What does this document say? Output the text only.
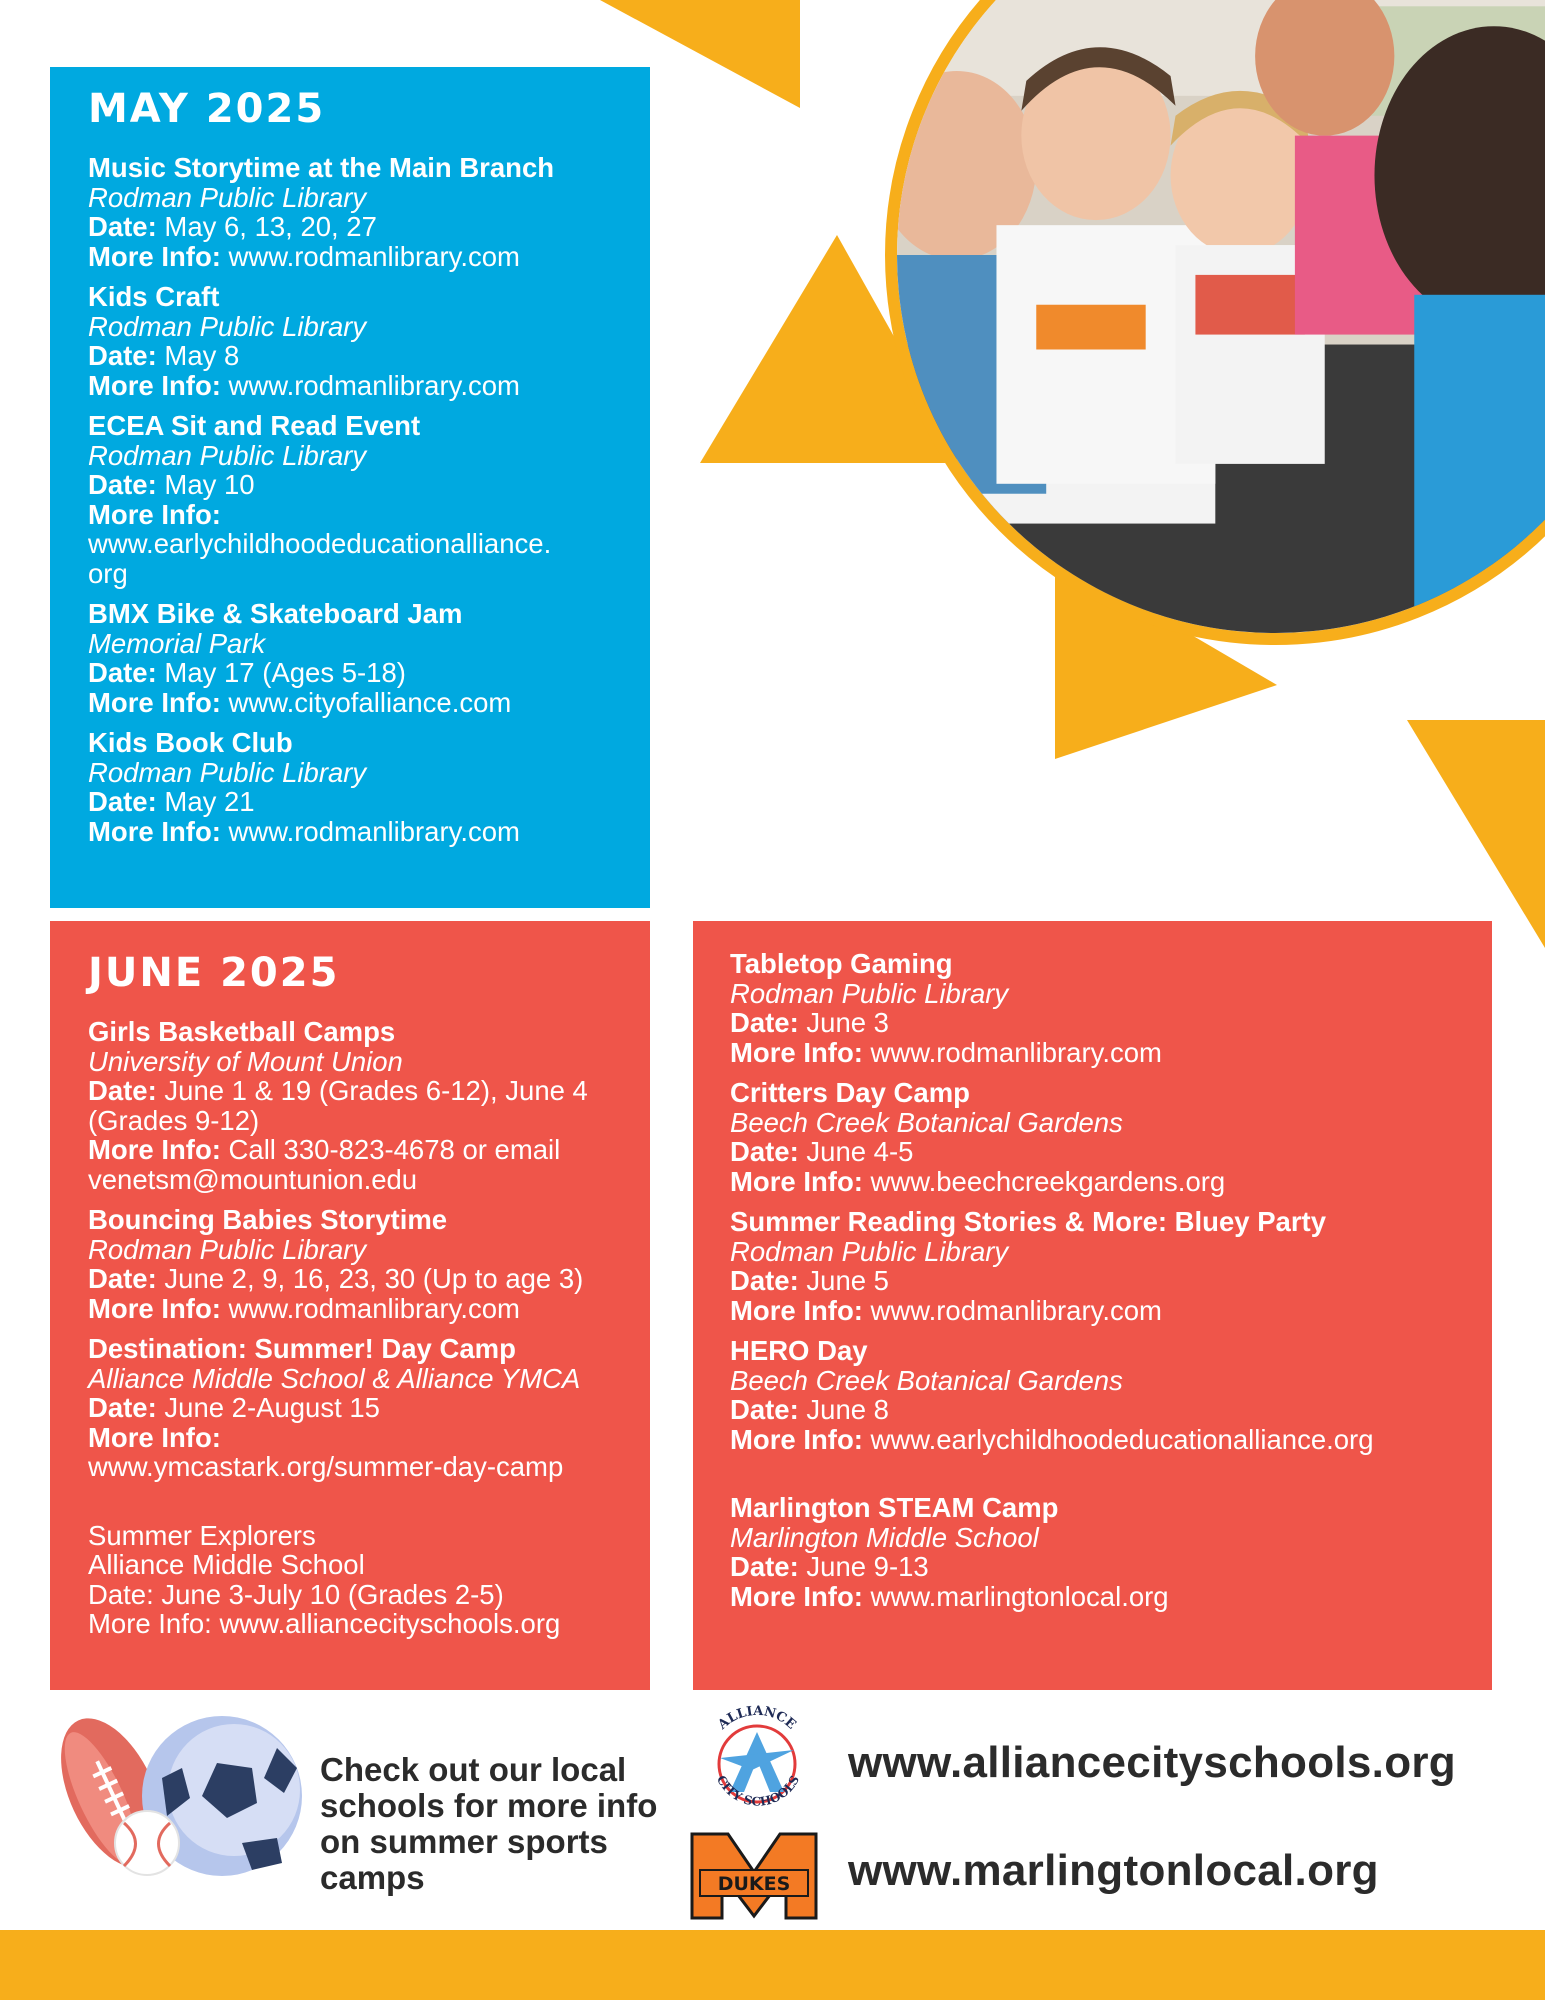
MAY 2025
Music Storytime at the Main Branch
Rodman Public Library
Date: May 6, 13, 20, 27
More Info: www.rodmanlibrary.com
Kids Craft
Rodman Public Library
Date: May 8
More Info: www.rodmanlibrary.com
ECEA Sit and Read Event
Rodman Public Library
Date: May 10
More Info:
www.earlychildhoodeducationalliance.
org
BMX Bike & Skateboard Jam
Memorial Park
Date: May 17 (Ages 5-18)
More Info: www.cityofalliance.com
Kids Book Club
Rodman Public Library
Date: May 21
More Info: www.rodmanlibrary.com
JUNE 2025
Girls Basketball Camps
University of Mount Union
Date: June 1 & 19 (Grades 6-12), June 4
(Grades 9-12)
More Info: Call 330-823-4678 or email
venetsm@mountunion.edu
Bouncing Babies Storytime
Rodman Public Library
Date: June 2, 9, 16, 23, 30 (Up to age 3)
More Info: www.rodmanlibrary.com
Destination: Summer! Day Camp
Alliance Middle School & Alliance YMCA
Date: June 2-August 15
More Info:
www.ymcastark.org/summer-day-camp
Summer Explorers
Alliance Middle School
Date: June 3-July 10 (Grades 2-5)
More Info: www.alliancecityschools.org
Tabletop Gaming
Rodman Public Library
Date: June 3
More Info: www.rodmanlibrary.com
Critters Day Camp
Beech Creek Botanical Gardens
Date: June 4-5
More Info: www.beechcreekgardens.org
Summer Reading Stories & More: Bluey Party
Rodman Public Library
Date: June 5
More Info: www.rodmanlibrary.com
HERO Day
Beech Creek Botanical Gardens
Date: June 8
More Info: www.earlychildhoodeducationalliance.org
Marlington STEAM Camp
Marlington Middle School
Date: June 9-13
More Info: www.marlingtonlocal.org
Check out our local schools for more info on summer sports camps
ALLIANCE
CITY SCHOOLS
DUKES
www.alliancecityschools.org
www.marlingtonlocal.org
